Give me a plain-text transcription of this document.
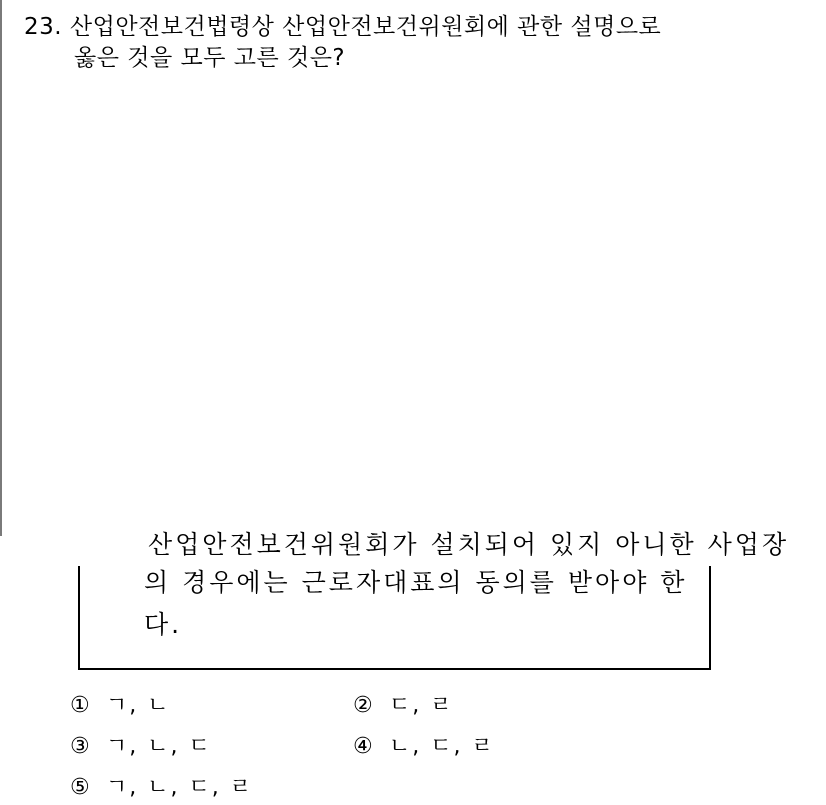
23. 산업안전보건법령상 산업안전보건위원회에 관한 설명으로
옳은 것을 모두 고른 것은?
산업안전보건위원회가 설치되어 있지 아니한 사업장
의 경우에는 근로자대표의 동의를 받아야 한
다.
① ㄱ, ㄴ	② ㄷ, ㄹ
③ ㄱ, ㄴ, ㄷ	④ ㄴ, ㄷ, ㄹ
⑤ ㄱ, ㄴ, ㄷ, ㄹ
